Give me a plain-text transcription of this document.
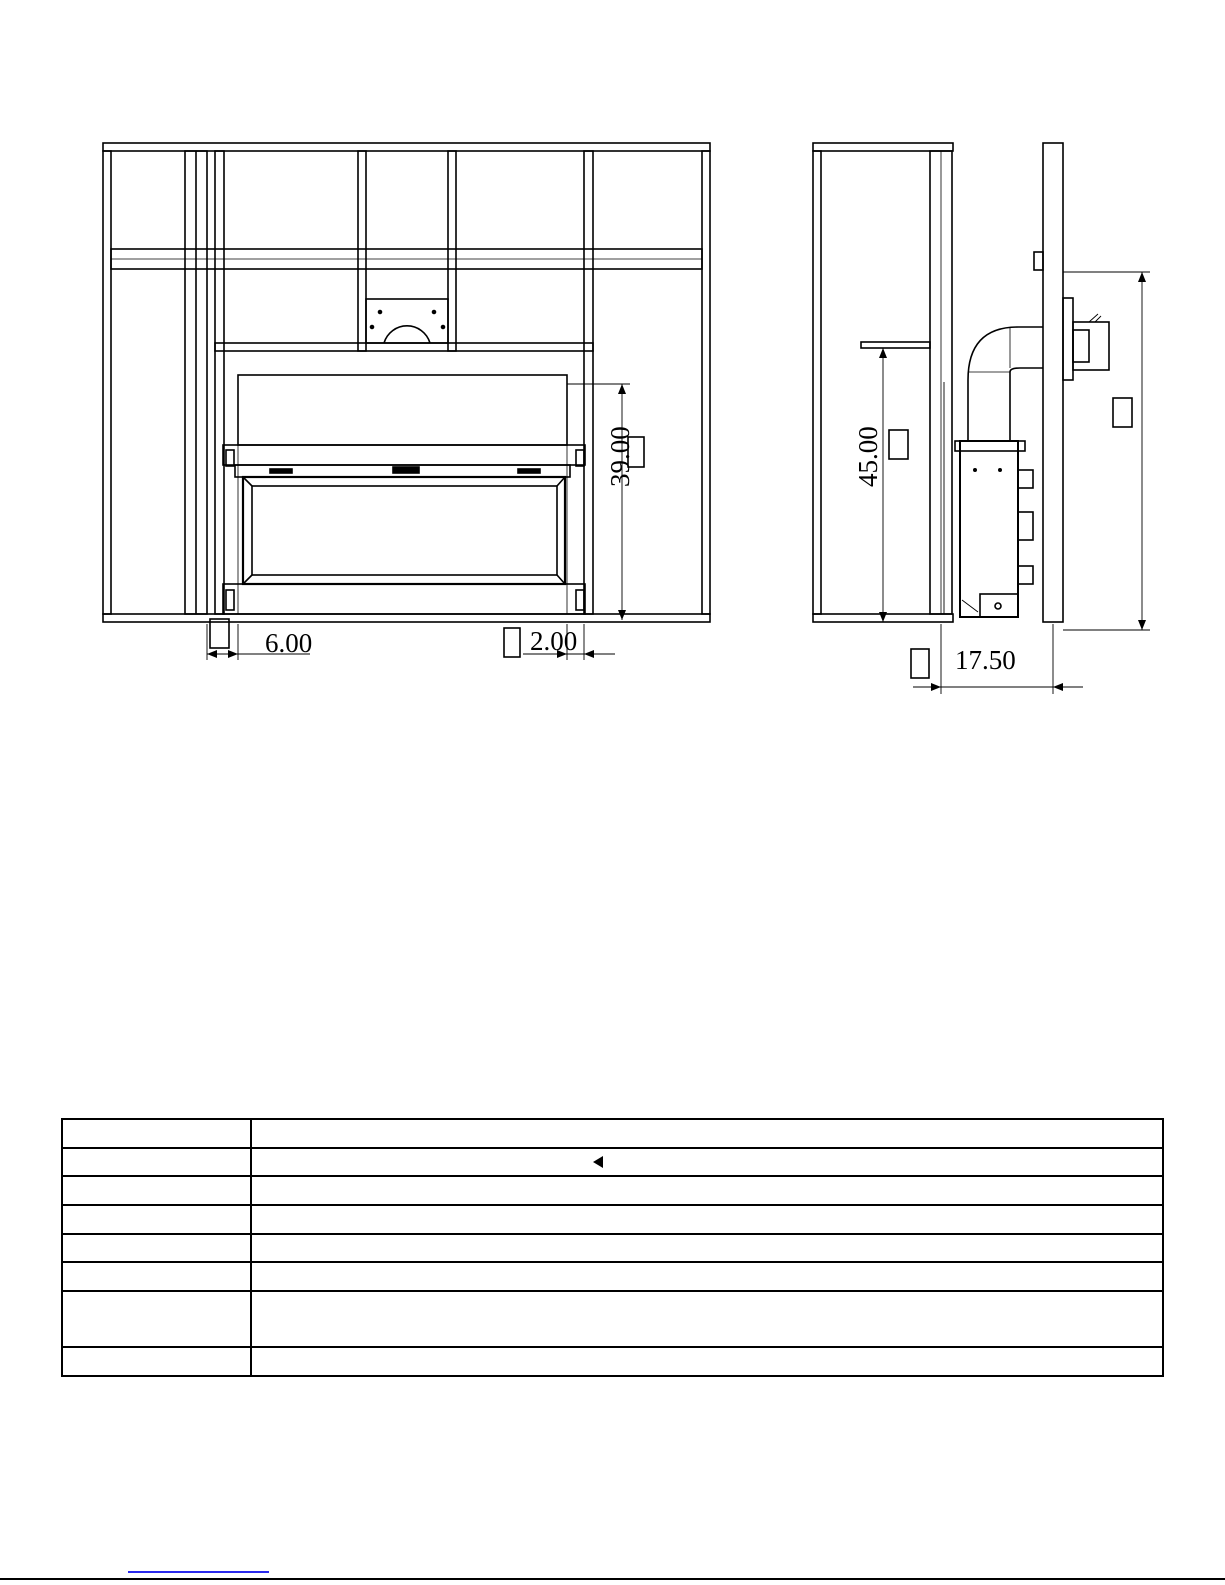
39.00
6.00	2.00
45.00
17.50
